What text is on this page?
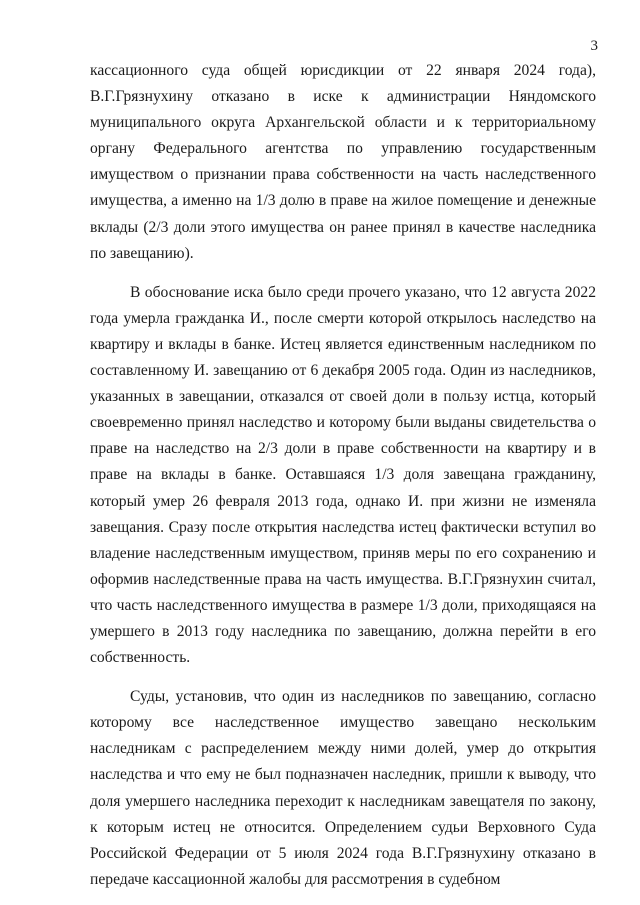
3

кассационного суда общей юрисдикции от 22 января 2024 года), В.Г.Грязнухину отказано в иске к администрации Няндомского муниципального округа Архангельской области и к территориальному органу Федерального агентства по управлению государственным имуществом о признании права собственности на часть наследственного имущества, а именно на 1/3 долю в праве на жилое помещение и денежные вклады (2/3 доли этого имущества он ранее принял в качестве наследника по завещанию).

В обоснование иска было среди прочего указано, что 12 августа 2022 года умерла гражданка И., после смерти которой открылось наследство на квартиру и вклады в банке. Истец является единственным наследником по составленному И. завещанию от 6 декабря 2005 года. Один из наследников, указанных в завещании, отказался от своей доли в пользу истца, который своевременно принял наследство и которому были выданы свидетельства о праве на наследство на 2/3 доли в праве собственности на квартиру и в праве на вклады в банке. Оставшаяся 1/3 доля завещана гражданину, который умер 26 февраля 2013 года, однако И. при жизни не изменяла завещания. Сразу после открытия наследства истец фактически вступил во владение наследственным имуществом, приняв меры по его сохранению и оформив наследственные права на часть имущества. В.Г.Грязнухин считал, что часть наследственного имущества в размере 1/3 доли, приходящаяся на умершего в 2013 году наследника по завещанию, должна перейти в его собственность.

Суды, установив, что один из наследников по завещанию, согласно которому все наследственное имущество завещано нескольким наследникам с распределением между ними долей, умер до открытия наследства и что ему не был подназначен наследник, пришли к выводу, что доля умершего наследника переходит к наследникам завещателя по закону, к которым истец не относится. Определением судьи Верховного Суда Российской Федерации от 5 июля 2024 года В.Г.Грязнухину отказано в передаче кассационной жалобы для рассмотрения в судебном
